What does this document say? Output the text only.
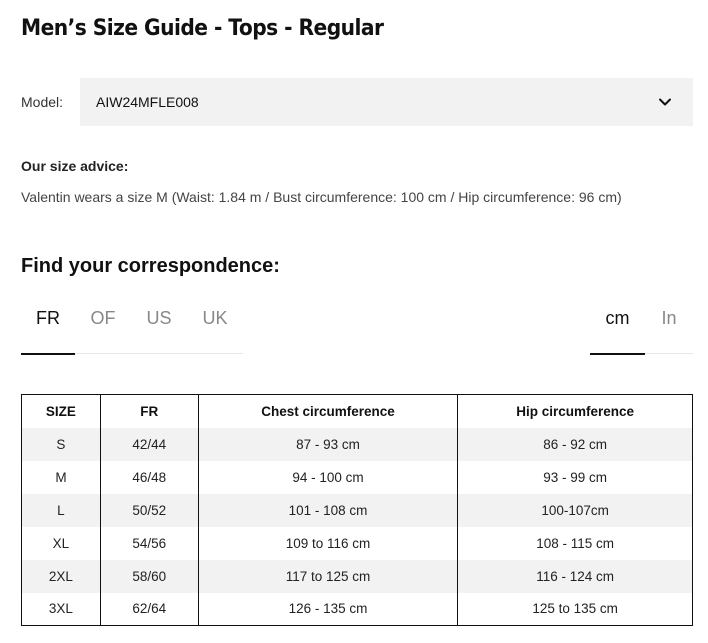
Men’s Size Guide - Tops - Regular
Model:	AIW24MFLE008
Our size advice:
Valentin wears a size M (Waist: 1.84 m / Bust circumference: 100 cm / Hip circumference: 96 cm)
Find your correspondence:
FR	OF	US	UK	cm	In
SIZE	FR	Chest circumference	Hip circumference
S	42/44	87 - 93 cm	86 - 92 cm
M	46/48	94 - 100 cm	93 - 99 cm
L	50/52	101 - 108 cm	100-107cm
XL	54/56	109 to 116 cm	108 - 115 cm
2XL	58/60	117 to 125 cm	116 - 124 cm
3XL	62/64	126 - 135 cm	125 to 135 cm
